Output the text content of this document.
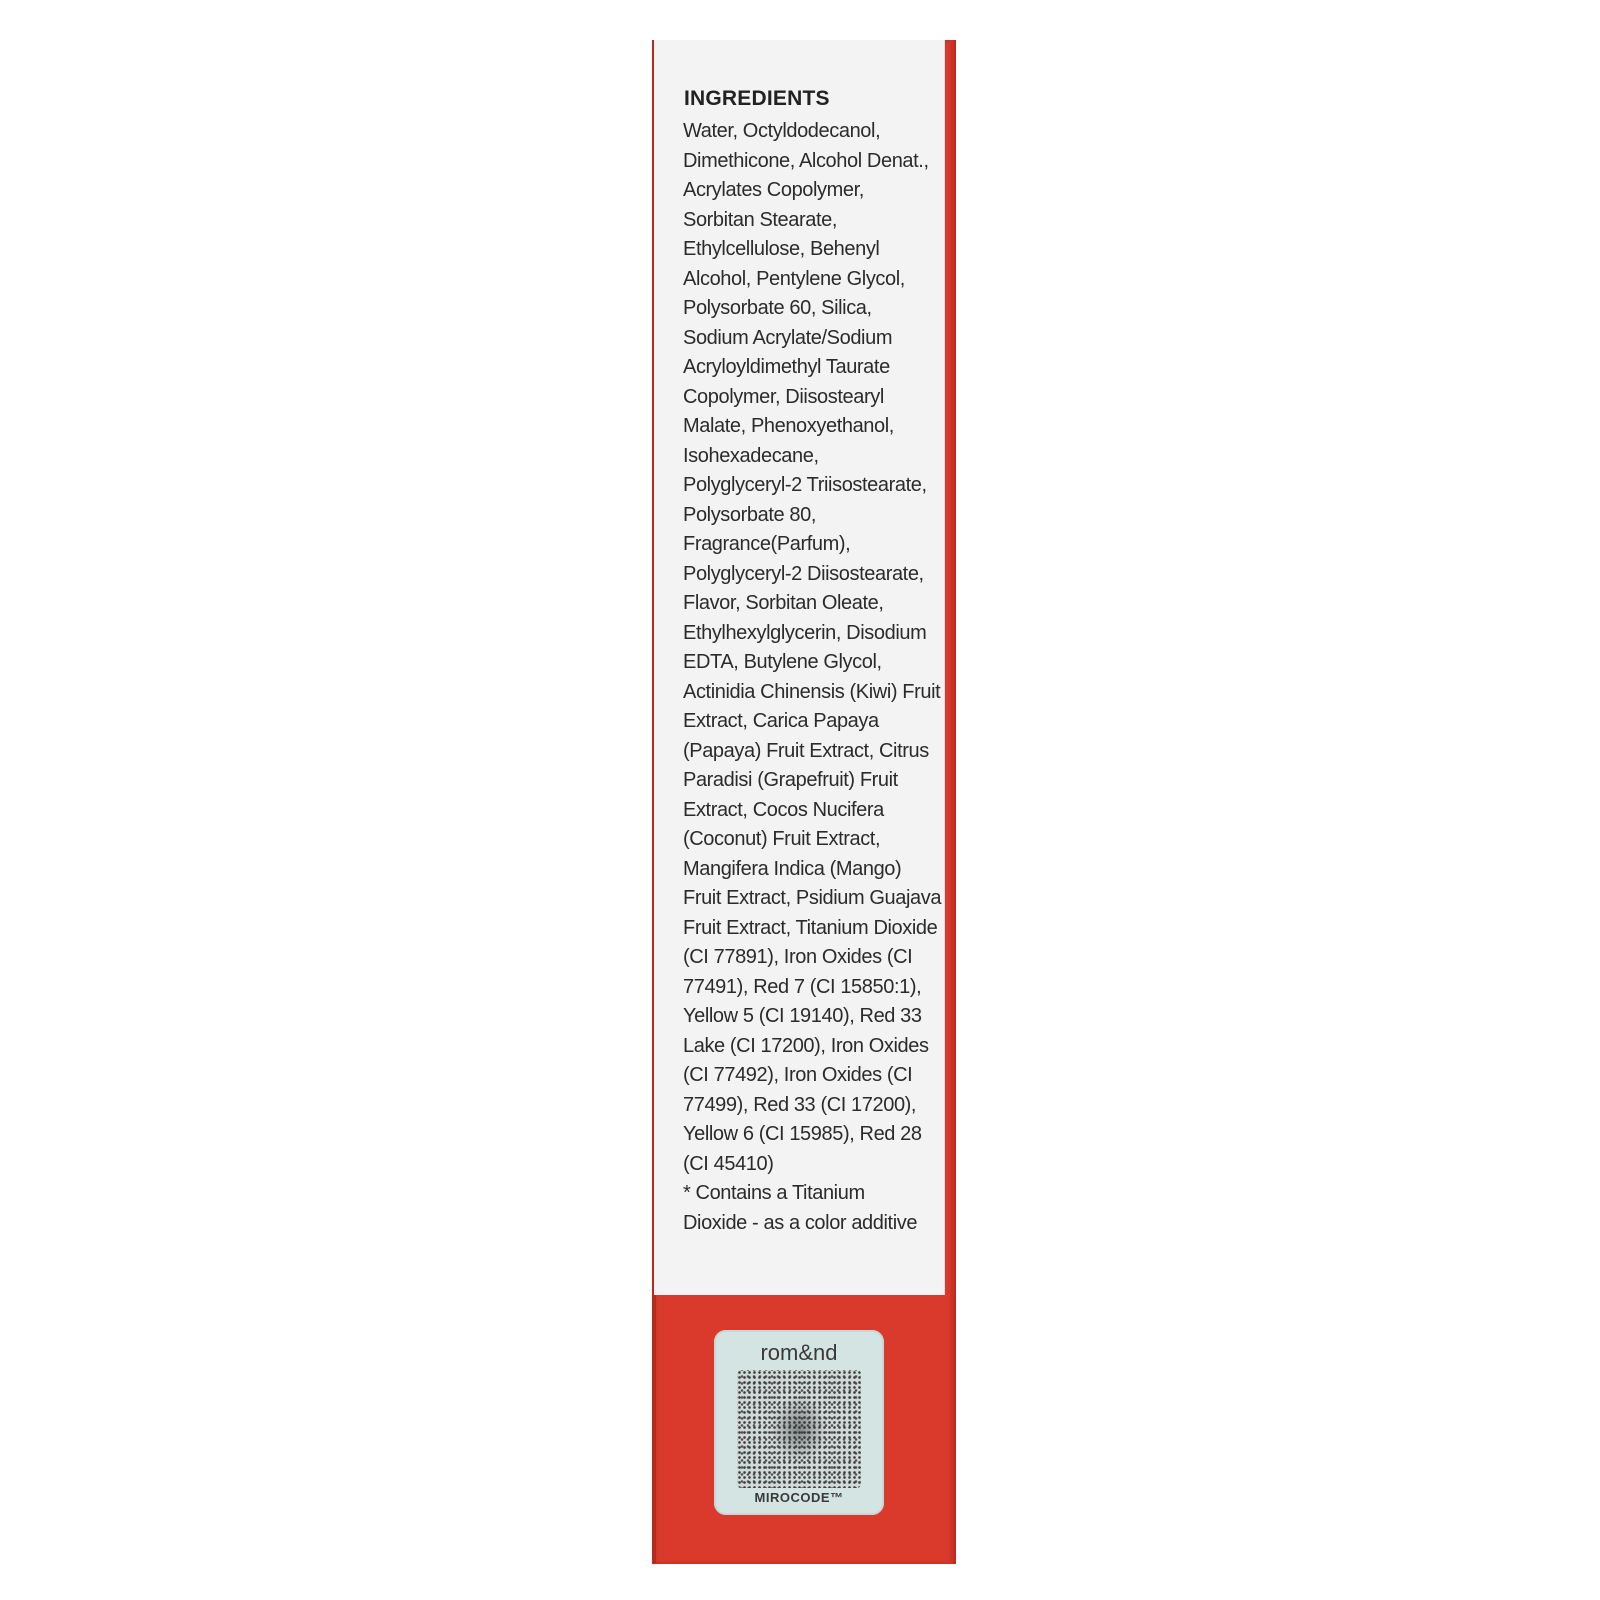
INGREDIENTS
Water, Octyldodecanol,
Dimethicone, Alcohol Denat.,
Acrylates Copolymer,
Sorbitan Stearate,
Ethylcellulose, Behenyl
Alcohol, Pentylene Glycol,
Polysorbate 60, Silica,
Sodium Acrylate/Sodium
Acryloyldimethyl Taurate
Copolymer, Diisostearyl
Malate, Phenoxyethanol,
Isohexadecane,
Polyglyceryl-2 Triisostearate,
Polysorbate 80,
Fragrance(Parfum),
Polyglyceryl-2 Diisostearate,
Flavor, Sorbitan Oleate,
Ethylhexylglycerin, Disodium
EDTA, Butylene Glycol,
Actinidia Chinensis (Kiwi) Fruit
Extract, Carica Papaya
(Papaya) Fruit Extract, Citrus
Paradisi (Grapefruit) Fruit
Extract, Cocos Nucifera
(Coconut) Fruit Extract,
Mangifera Indica (Mango)
Fruit Extract, Psidium Guajava
Fruit Extract, Titanium Dioxide
(CI 77891), Iron Oxides (CI
77491), Red 7 (CI 15850:1),
Yellow 5 (CI 19140), Red 33
Lake (CI 17200), Iron Oxides
(CI 77492), Iron Oxides (CI
77499), Red 33 (CI 17200),
Yellow 6 (CI 15985), Red 28
(CI 45410)
* Contains a Titanium
Dioxide - as a color additive
rom&nd
MIROCODE™
